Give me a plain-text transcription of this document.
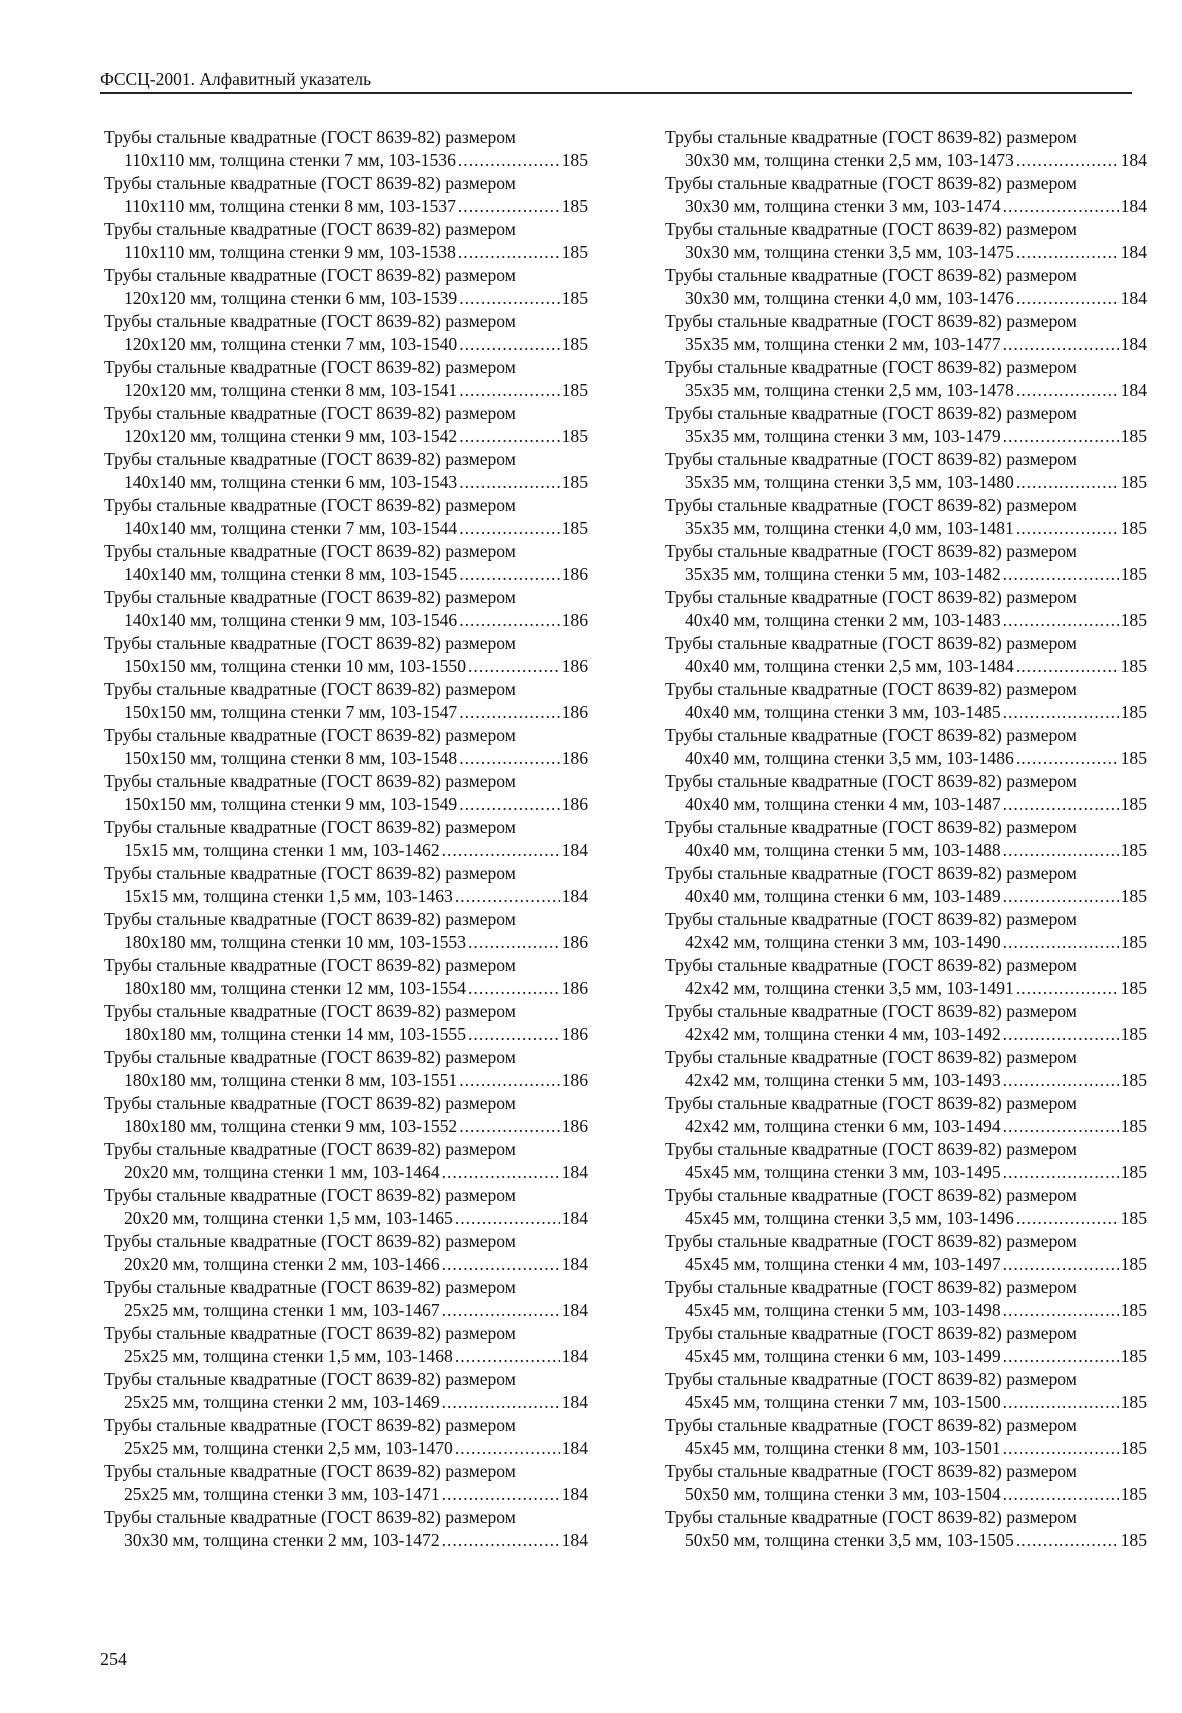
ФССЦ-2001. Алфавитный указатель
Трубы стальные квадратные (ГОСТ 8639-82) размером
110x110 мм, толщина стенки 7 мм, 103-1536 .....	185
Трубы стальные квадратные (ГОСТ 8639-82) размером
110x110 мм, толщина стенки 8 мм, 103-1537 .....	185
Трубы стальные квадратные (ГОСТ 8639-82) размером
110x110 мм, толщина стенки 9 мм, 103-1538 .....	185
Трубы стальные квадратные (ГОСТ 8639-82) размером
120x120 мм, толщина стенки 6 мм, 103-1539 .....	185
Трубы стальные квадратные (ГОСТ 8639-82) размером
120x120 мм, толщина стенки 7 мм, 103-1540 .....	185
Трубы стальные квадратные (ГОСТ 8639-82) размером
120x120 мм, толщина стенки 8 мм, 103-1541 .....	185
Трубы стальные квадратные (ГОСТ 8639-82) размером
120x120 мм, толщина стенки 9 мм, 103-1542 .....	185
Трубы стальные квадратные (ГОСТ 8639-82) размером
140x140 мм, толщина стенки 6 мм, 103-1543 .....	185
Трубы стальные квадратные (ГОСТ 8639-82) размером
140x140 мм, толщина стенки 7 мм, 103-1544 .....	185
Трубы стальные квадратные (ГОСТ 8639-82) размером
140x140 мм, толщина стенки 8 мм, 103-1545 .....	186
Трубы стальные квадратные (ГОСТ 8639-82) размером
140x140 мм, толщина стенки 9 мм, 103-1546 .....	186
Трубы стальные квадратные (ГОСТ 8639-82) размером
150x150 мм, толщина стенки 10 мм, 103-1550 .....	186
Трубы стальные квадратные (ГОСТ 8639-82) размером
150x150 мм, толщина стенки 7 мм, 103-1547 .....	186
Трубы стальные квадратные (ГОСТ 8639-82) размером
150x150 мм, толщина стенки 8 мм, 103-1548 .....	186
Трубы стальные квадратные (ГОСТ 8639-82) размером
150x150 мм, толщина стенки 9 мм, 103-1549 .....	186
Трубы стальные квадратные (ГОСТ 8639-82) размером
15x15 мм, толщина стенки 1 мм, 103-1462 .....	184
Трубы стальные квадратные (ГОСТ 8639-82) размером
15x15 мм, толщина стенки 1,5 мм, 103-1463 .....	184
Трубы стальные квадратные (ГОСТ 8639-82) размером
180x180 мм, толщина стенки 10 мм, 103-1553 .....	186
Трубы стальные квадратные (ГОСТ 8639-82) размером
180x180 мм, толщина стенки 12 мм, 103-1554 .....	186
Трубы стальные квадратные (ГОСТ 8639-82) размером
180x180 мм, толщина стенки 14 мм, 103-1555 .....	186
Трубы стальные квадратные (ГОСТ 8639-82) размером
180x180 мм, толщина стенки 8 мм, 103-1551 .....	186
Трубы стальные квадратные (ГОСТ 8639-82) размером
180x180 мм, толщина стенки 9 мм, 103-1552 .....	186
Трубы стальные квадратные (ГОСТ 8639-82) размером
20x20 мм, толщина стенки 1 мм, 103-1464 .....	184
Трубы стальные квадратные (ГОСТ 8639-82) размером
20x20 мм, толщина стенки 1,5 мм, 103-1465 .....	184
Трубы стальные квадратные (ГОСТ 8639-82) размером
20x20 мм, толщина стенки 2 мм, 103-1466 .....	184
Трубы стальные квадратные (ГОСТ 8639-82) размером
25x25 мм, толщина стенки 1 мм, 103-1467 .....	184
Трубы стальные квадратные (ГОСТ 8639-82) размером
25x25 мм, толщина стенки 1,5 мм, 103-1468 .....	184
Трубы стальные квадратные (ГОСТ 8639-82) размером
25x25 мм, толщина стенки 2 мм, 103-1469 .....	184
Трубы стальные квадратные (ГОСТ 8639-82) размером
25x25 мм, толщина стенки 2,5 мм, 103-1470 .....	184
Трубы стальные квадратные (ГОСТ 8639-82) размером
25x25 мм, толщина стенки 3 мм, 103-1471 .....	184
Трубы стальные квадратные (ГОСТ 8639-82) размером
30x30 мм, толщина стенки 2 мм, 103-1472 .....	184
Трубы стальные квадратные (ГОСТ 8639-82) размером
30x30 мм, толщина стенки 2,5 мм, 103-1473 .....	184
Трубы стальные квадратные (ГОСТ 8639-82) размером
30x30 мм, толщина стенки 3 мм, 103-1474 .....	184
Трубы стальные квадратные (ГОСТ 8639-82) размером
30x30 мм, толщина стенки 3,5 мм, 103-1475 .....	184
Трубы стальные квадратные (ГОСТ 8639-82) размером
30x30 мм, толщина стенки 4,0 мм, 103-1476 .....	184
Трубы стальные квадратные (ГОСТ 8639-82) размером
35x35 мм, толщина стенки 2 мм, 103-1477 .....	184
Трубы стальные квадратные (ГОСТ 8639-82) размером
35x35 мм, толщина стенки 2,5 мм, 103-1478 .....	184
Трубы стальные квадратные (ГОСТ 8639-82) размером
35x35 мм, толщина стенки 3 мм, 103-1479 .....	185
Трубы стальные квадратные (ГОСТ 8639-82) размером
35x35 мм, толщина стенки 3,5 мм, 103-1480 .....	185
Трубы стальные квадратные (ГОСТ 8639-82) размером
35x35 мм, толщина стенки 4,0 мм, 103-1481 .....	185
Трубы стальные квадратные (ГОСТ 8639-82) размером
35x35 мм, толщина стенки 5 мм, 103-1482 .....	185
Трубы стальные квадратные (ГОСТ 8639-82) размером
40x40 мм, толщина стенки 2 мм, 103-1483 .....	185
Трубы стальные квадратные (ГОСТ 8639-82) размером
40x40 мм, толщина стенки 2,5 мм, 103-1484 .....	185
Трубы стальные квадратные (ГОСТ 8639-82) размером
40x40 мм, толщина стенки 3 мм, 103-1485 .....	185
Трубы стальные квадратные (ГОСТ 8639-82) размером
40x40 мм, толщина стенки 3,5 мм, 103-1486 .....	185
Трубы стальные квадратные (ГОСТ 8639-82) размером
40x40 мм, толщина стенки 4 мм, 103-1487 .....	185
Трубы стальные квадратные (ГОСТ 8639-82) размером
40x40 мм, толщина стенки 5 мм, 103-1488 .....	185
Трубы стальные квадратные (ГОСТ 8639-82) размером
40x40 мм, толщина стенки 6 мм, 103-1489 .....	185
Трубы стальные квадратные (ГОСТ 8639-82) размером
42x42 мм, толщина стенки 3 мм, 103-1490 .....	185
Трубы стальные квадратные (ГОСТ 8639-82) размером
42x42 мм, толщина стенки 3,5 мм, 103-1491 .....	185
Трубы стальные квадратные (ГОСТ 8639-82) размером
42x42 мм, толщина стенки 4 мм, 103-1492 .....	185
Трубы стальные квадратные (ГОСТ 8639-82) размером
42x42 мм, толщина стенки 5 мм, 103-1493 .....	185
Трубы стальные квадратные (ГОСТ 8639-82) размером
42x42 мм, толщина стенки 6 мм, 103-1494 .....	185
Трубы стальные квадратные (ГОСТ 8639-82) размером
45x45 мм, толщина стенки 3 мм, 103-1495 .....	185
Трубы стальные квадратные (ГОСТ 8639-82) размером
45x45 мм, толщина стенки 3,5 мм, 103-1496 .....	185
Трубы стальные квадратные (ГОСТ 8639-82) размером
45x45 мм, толщина стенки 4 мм, 103-1497 .....	185
Трубы стальные квадратные (ГОСТ 8639-82) размером
45x45 мм, толщина стенки 5 мм, 103-1498 .....	185
Трубы стальные квадратные (ГОСТ 8639-82) размером
45x45 мм, толщина стенки 6 мм, 103-1499 .....	185
Трубы стальные квадратные (ГОСТ 8639-82) размером
45x45 мм, толщина стенки 7 мм, 103-1500 .....	185
Трубы стальные квадратные (ГОСТ 8639-82) размером
45x45 мм, толщина стенки 8 мм, 103-1501 .....	185
Трубы стальные квадратные (ГОСТ 8639-82) размером
50x50 мм, толщина стенки 3 мм, 103-1504 .....	185
Трубы стальные квадратные (ГОСТ 8639-82) размером
50x50 мм, толщина стенки 3,5 мм, 103-1505 .....	185
254
